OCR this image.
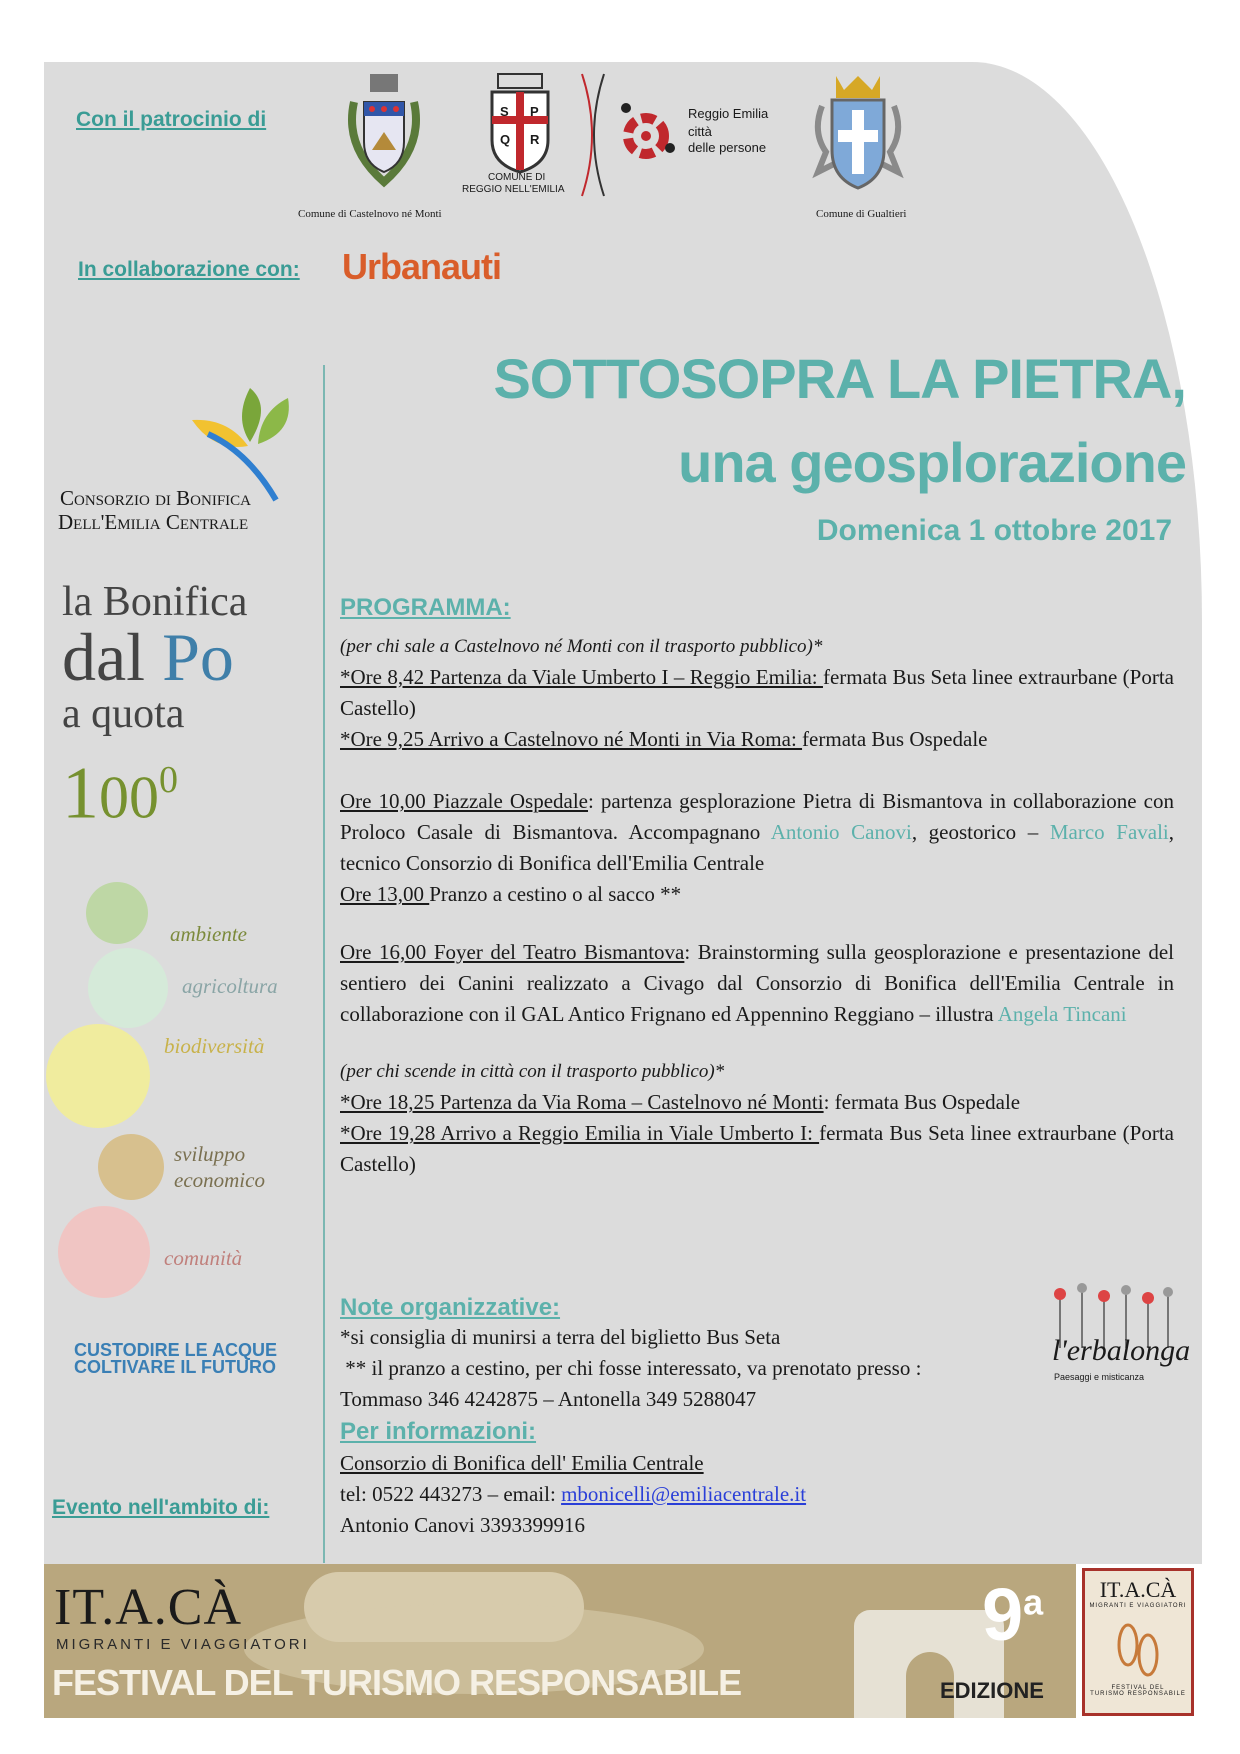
Con il patrocinio di
Comune di Castelnovo né Monti
S P
Q R
COMUNE DI
REGGIO NELL'EMILIA
Reggio Emilia
città
delle persone
Comune di Gualtieri
In collaborazione con: Urbanauti
Consorzio di Bonifica
Dell'Emilia Centrale
la Bonifica
dal Po
a quota
$100^0$
ambiente
agricoltura
biodiversità
sviluppo
economico
comunità
CUSTODIRE LE ACQUE
COLTIVARE IL FUTURO
Evento nell'ambito di:
SOTTOSOPRA LA PIETRA,
una geosplorazione
Domenica 1 ottobre 2017
PROGRAMMA:
(per chi sale a Castelnovo né Monti con il trasporto pubblico)*
*Ore 8,42 Partenza da Viale Umberto I – Reggio Emilia: fermata Bus Seta linee extraurbane (Porta Castello)
*Ore 9,25 Arrivo a Castelnovo né Monti in Via Roma: fermata Bus Ospedale
Ore 10,00 Piazzale Ospedale: partenza gesplorazione Pietra di Bismantova in collaborazione con Proloco Casale di Bismantova. Accompagnano Antonio Canovi, geostorico – Marco Favali, tecnico Consorzio di Bonifica dell'Emilia Centrale
Ore 13,00 Pranzo a cestino o al sacco **
Ore 16,00 Foyer del Teatro Bismantova: Brainstorming sulla geosplorazione e presentazione del sentiero dei Canini realizzato a Civago dal Consorzio di Bonifica dell'Emilia Centrale in collaborazione con il GAL Antico Frignano ed Appennino Reggiano – illustra Angela Tincani
(per chi scende in città con il trasporto pubblico)*
*Ore 18,25 Partenza da Via Roma – Castelnovo né Monti: fermata Bus Ospedale
*Ore 19,28 Arrivo a Reggio Emilia in Viale Umberto I: fermata Bus Seta linee extraurbane (Porta Castello)
Note organizzative:
*si consiglia di munirsi a terra del biglietto Bus Seta
** il pranzo a cestino, per chi fosse interessato, va prenotato presso :
Tommaso 346 4242875 – Antonella 349 5288047
Per informazioni:
Consorzio di Bonifica dell' Emilia Centrale
tel: 0522 443273 – email: mbonicelli@emiliacentrale.it
Antonio Canovi 3393399916
l'erbalonga
Paesaggi e misticanza
IT.A.CÀ
MIGRANTI E VIAGGIATORI
FESTIVAL DEL TURISMO RESPONSABILE
9$^a$
EDIZIONE
IT.A.CÀ
MIGRANTI E VIAGGIATORI
FESTIVAL DEL
TURISMO RESPONSABILE
